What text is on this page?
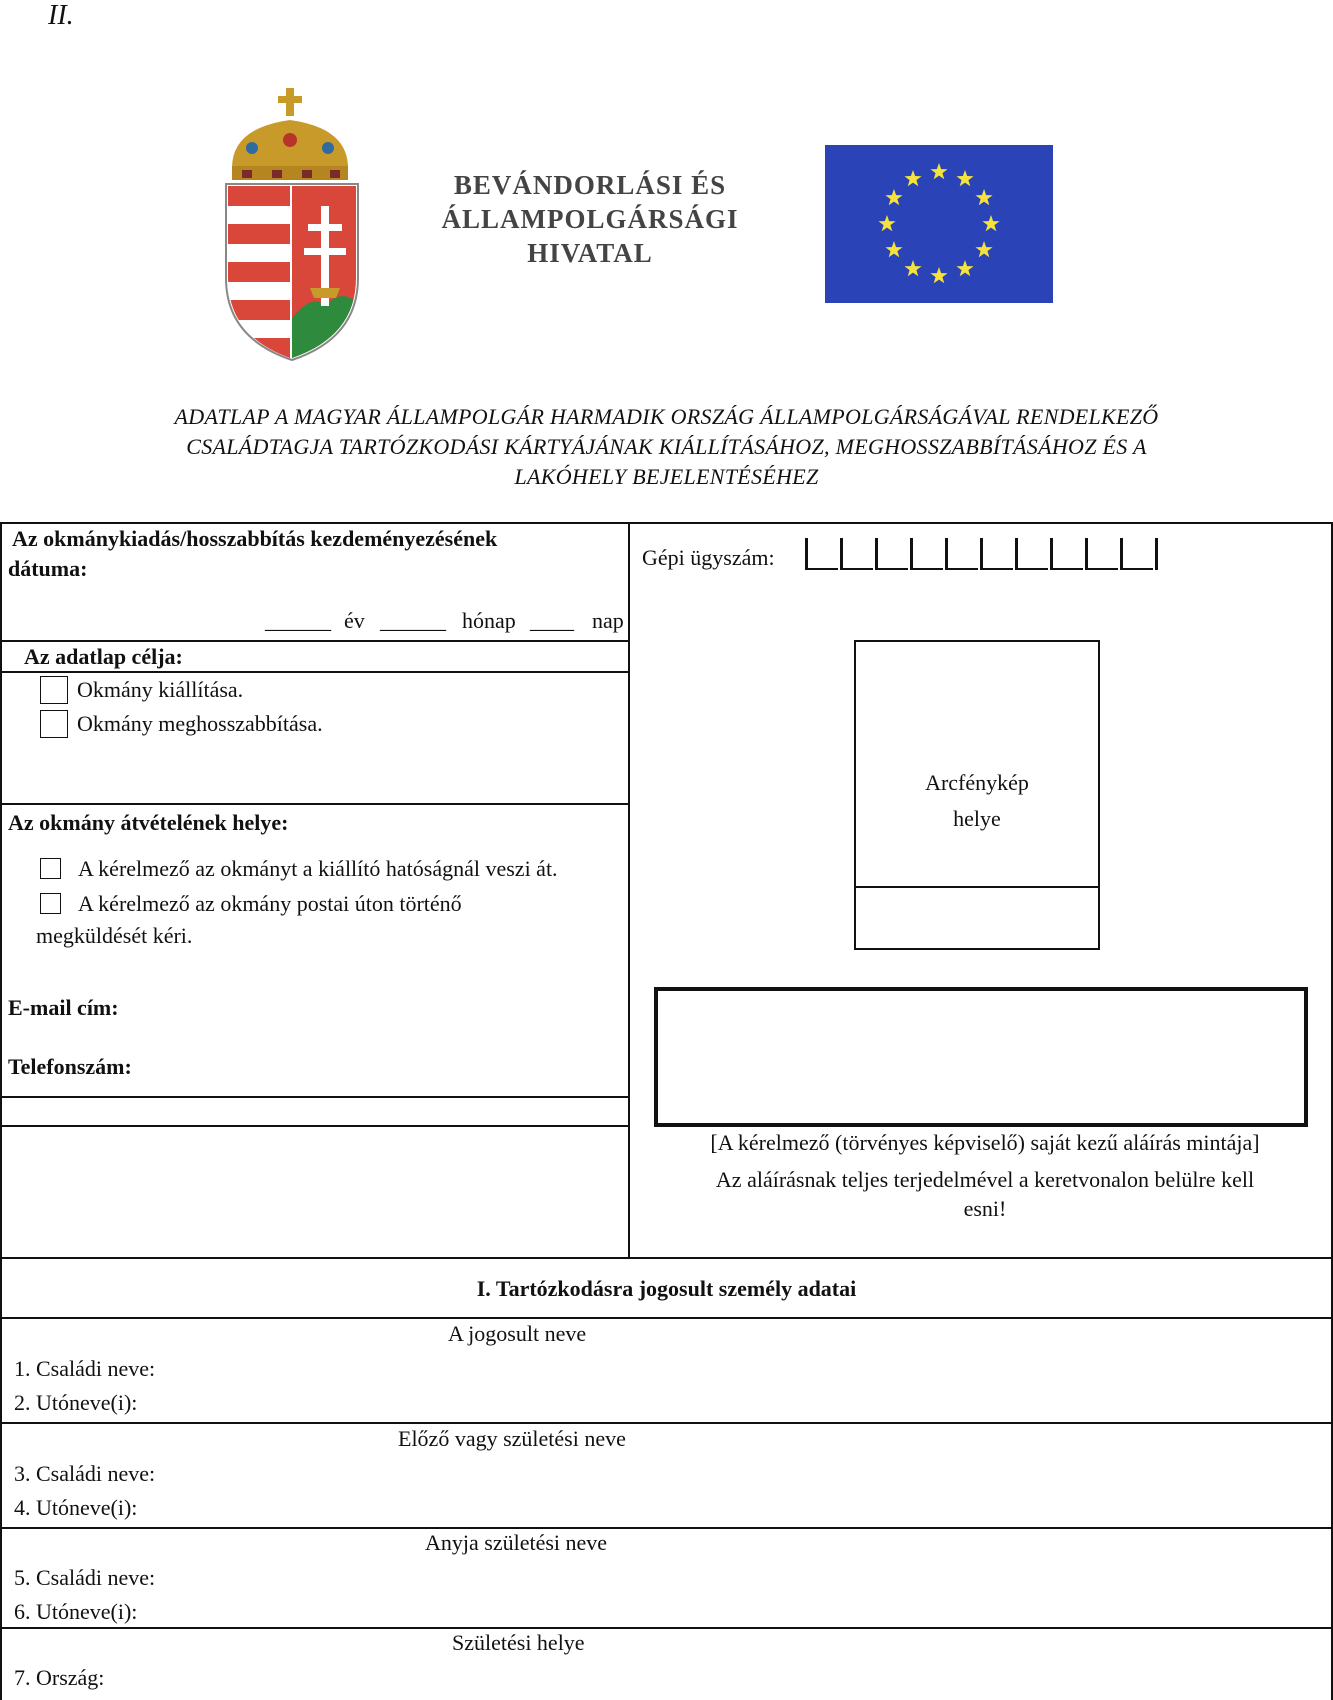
II.
BEVÁNDORLÁSI ÉS
ÁLLAMPOLGÁRSÁGI
HIVATAL
ADATLAP A MAGYAR ÁLLAMPOLGÁR HARMADIK ORSZÁG ÁLLAMPOLGÁRSÁGÁVAL RENDELKEZŐ
CSALÁDTAGJA TARTÓZKODÁSI KÁRTYÁJÁNAK KIÁLLÍTÁSÁHOZ, MEGHOSSZABBÍTÁSÁHOZ ÉS A
LAKÓHELY BEJELENTÉSÉHEZ
Az okmánykiadás/hosszabbítás kezdeményezésének
dátuma:
______ év ______ hónap ____ nap
Az adatlap célja:
Okmány kiállítása.
Okmány meghosszabbítása.
Az okmány átvételének helye:
A kérelmező az okmányt a kiállító hatóságnál veszi át.
A kérelmező az okmány postai úton történő
megküldését kéri.
E-mail cím:
Telefonszám:
Gépi ügyszám:
Arcfénykép
helye
[A kérelmező (törvényes képviselő) saját kezű aláírás mintája]
Az aláírásnak teljes terjedelmével a keretvonalon belülre kell
esni!
I. Tartózkodásra jogosult személy adatai
A jogosult neve
1. Családi neve:
2. Utóneve(i):
Előző vagy születési neve
3. Családi neve:
4. Utóneve(i):
Anyja születési neve
5. Családi neve:
6. Utóneve(i):
Születési helye
7. Ország:
